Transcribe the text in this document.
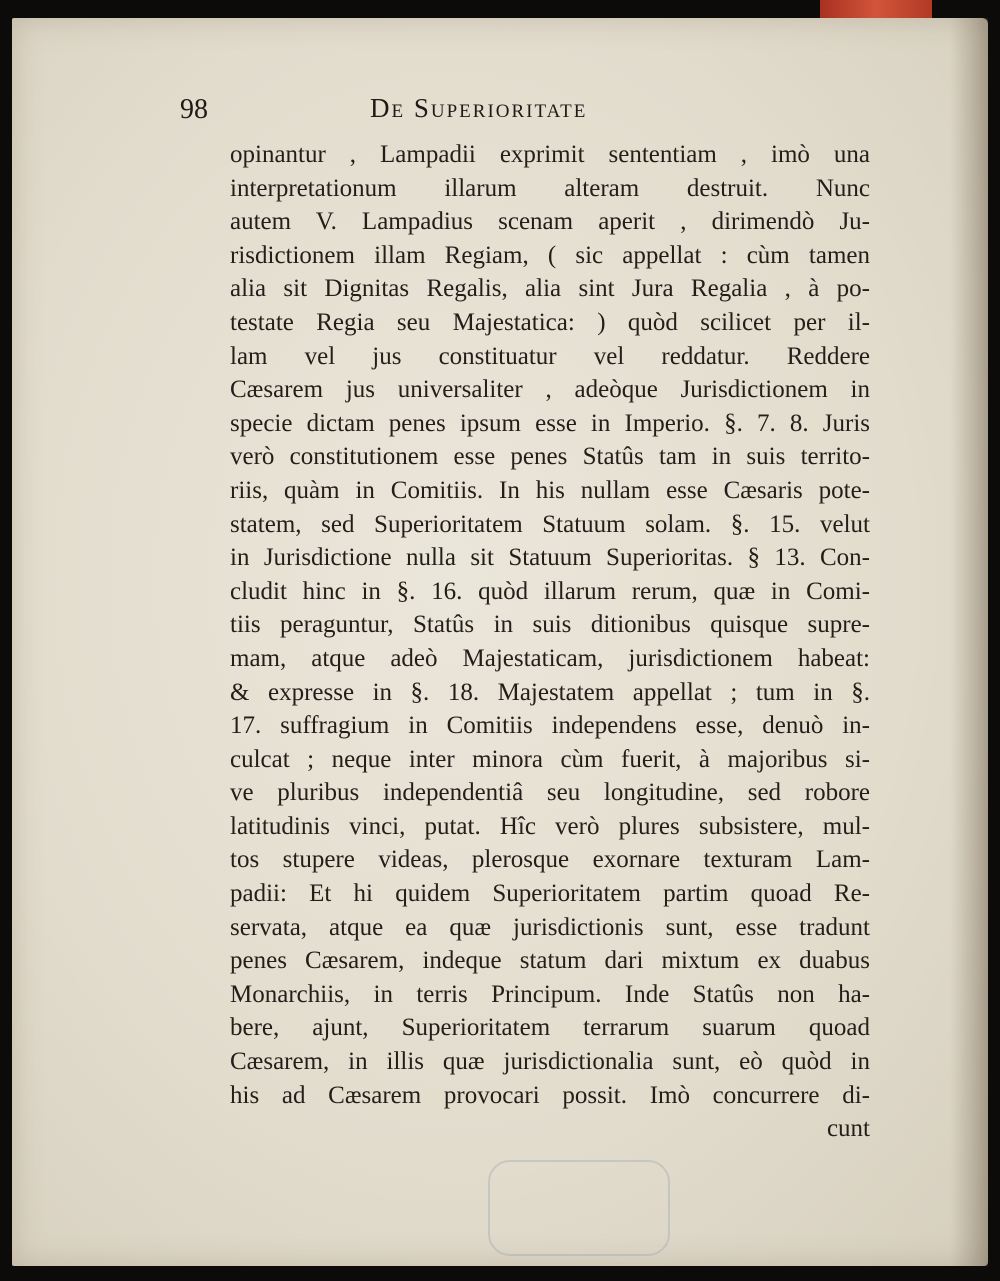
98	De Superioritate
opinantur , Lampadii exprimit sententiam , imò una
interpretationum illarum alteram destruit. Nunc
autem V. Lampadius scenam aperit , dirimendò Ju-
risdictionem illam Regiam, ( sic appellat : cùm tamen
alia sit Dignitas Regalis, alia sint Jura Regalia , à po-
testate Regia seu Majestatica: ) quòd scilicet per il-
lam vel jus constituatur vel reddatur. Reddere
Cæsarem jus universaliter , adeòque Jurisdictionem in
specie dictam penes ipsum esse in Imperio. §. 7. 8. Juris
verò constitutionem esse penes Statûs tam in suis territo-
riis, quàm in Comitiis. In his nullam esse Cæsaris pote-
statem, sed Superioritatem Statuum solam. §. 15. velut
in Jurisdictione nulla sit Statuum Superioritas. § 13. Con-
cludit hinc in §. 16. quòd illarum rerum, quæ in Comi-
tiis peraguntur, Statûs in suis ditionibus quisque supre-
mam, atque adeò Majestaticam, jurisdictionem habeat:
& expresse in §. 18. Majestatem appellat ; tum in §.
17. suffragium in Comitiis independens esse, denuò in-
culcat ; neque inter minora cùm fuerit, à majoribus si-
ve pluribus independentiâ seu longitudine, sed robore
latitudinis vinci, putat. Hîc verò plures subsistere, mul-
tos stupere videas, plerosque exornare texturam Lam-
padii: Et hi quidem Superioritatem partim quoad Re-
servata, atque ea quæ jurisdictionis sunt, esse tradunt
penes Cæsarem, indeque statum dari mixtum ex duabus
Monarchiis, in terris Principum. Inde Statûs non ha-
bere, ajunt, Superioritatem terrarum suarum quoad
Cæsarem, in illis quæ jurisdictionalia sunt, eò quòd in
his ad Cæsarem provocari possit. Imò concurrere di-
cunt
